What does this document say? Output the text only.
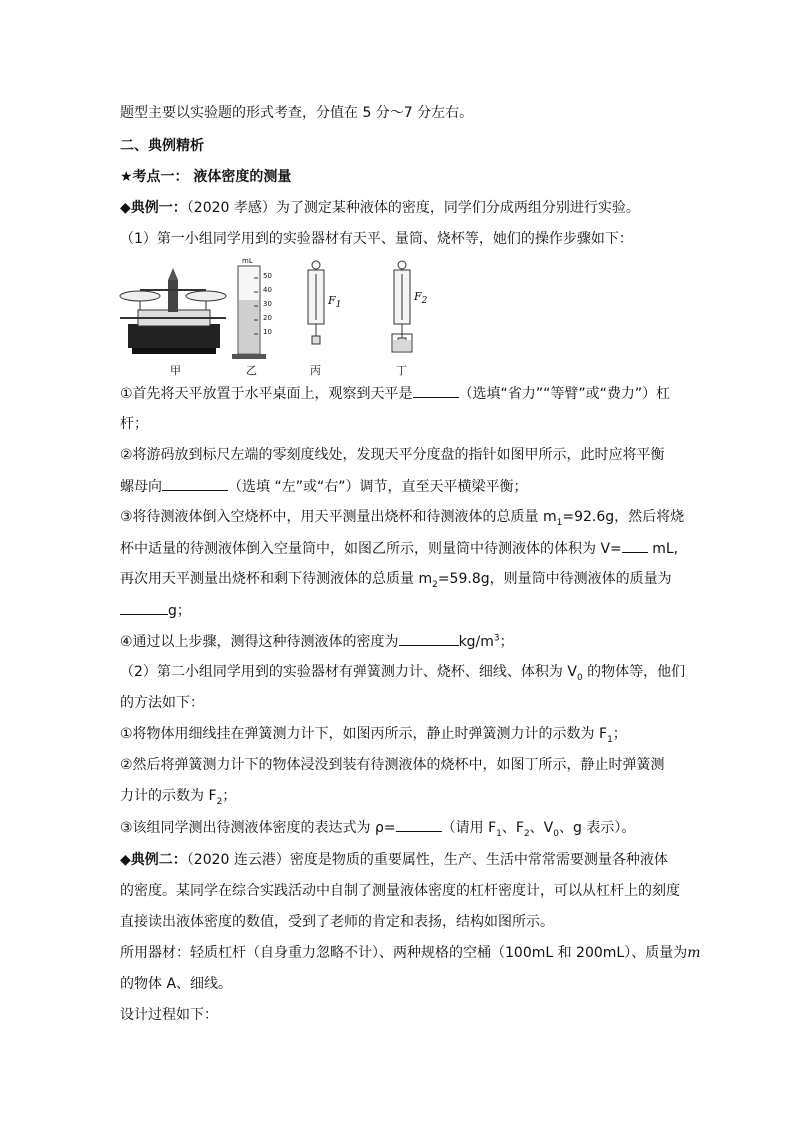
题型主要以实验题的形式考查，分值在 5 分～7 分左右。
二、典例精析
★考点一： 液体密度的测量
◆典例一：（2020 孝感）为了测定某种液体的密度，同学们分成两组分别进行实验。
（1）第一小组同学用到的实验器材有天平、量筒、烧杯等，她们的操作步骤如下：
mL
50
40
30
20
10
$F_1$
$F_2$
甲	乙	丙	丁
①首先将天平放置于水平桌面上，观察到天平是	（选填“省力”“等臂”或“费力”）杠
杆；
②将游码放到标尺左端的零刻度线处，发现天平分度盘的指针如图甲所示，此时应将平衡
螺母向	（选填 “左”或“右”）调节，直至天平横梁平衡；
③将待测液体倒入空烧杯中，用天平测量出烧杯和待测液体的总质量 $m_1=92.6g$，然后将烧
杯中适量的待测液体倒入空量筒中，如图乙所示，则量筒中待测液体的体积为 V= mL,
再次用天平测量出烧杯和剩下待测液体的总质量 $m_2=59.8g$，则量筒中待测液体的质量为
g；
④通过以上步骤，测得这种待测液体的密度为	$kg/m^3$；
（2）第二小组同学用到的实验器材有弹簧测力计、烧杯、细线、体积为 $V_0$ 的物体等，他们
的方法如下：
①将物体用细线挂在弹簧测力计下，如图丙所示，静止时弹簧测力计的示数为 $F_1$；
②然后将弹簧测力计下的物体浸没到装有待测液体的烧杯中，如图丁所示，静止时弹簧测
力计的示数为 $F_2$；
③该组同学测出待测液体密度的表达式为 ρ=	（请用 $F_1$、$F_2$、$V_0$、g 表示）。
◆典例二：（2020 连云港）密度是物质的重要属性，生产、生活中常常需要测量各种液体
的密度。某同学在综合实践活动中自制了测量液体密度的杠杆密度计，可以从杠杆上的刻度
直接读出液体密度的数值，受到了老师的肯定和表扬，结构如图所示。
所用器材：轻质杠杆（自身重力忽略不计）、两种规格的空桶（100mL 和 200mL）、质量为m
的物体 A、细线。
设计过程如下：
